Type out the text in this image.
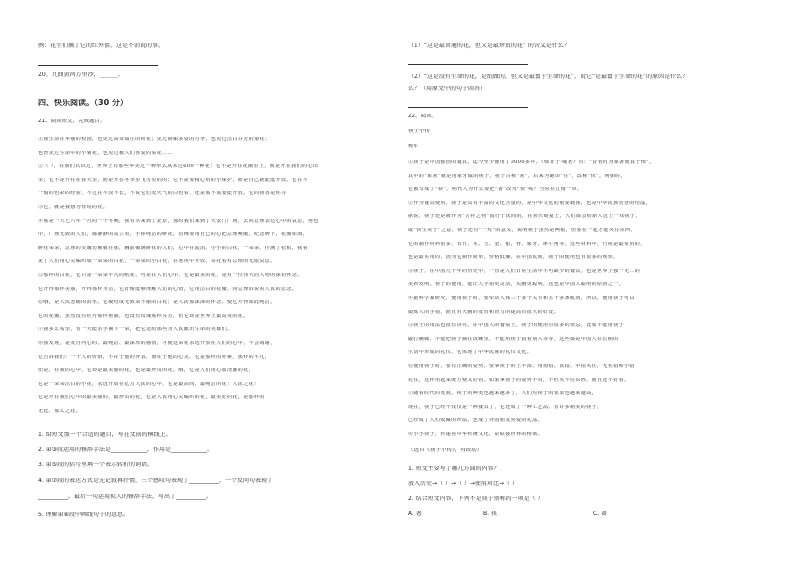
例：花生们摘了它的红外套，这是不消说的事。
20、九曲黄河万里沙，______。
四、快乐阅读。（30 分）
21、阅读短文，完成题目。
①我生活在华丽的校园，也见过高贵端庄的荷花；见过娇媚多姿的月季，也见过洁白芬芳的菊花；
也曾见过生命中的小菊花，也见过被人们喜爱的菜花……
②（ ），在我们认识过，世界上有那些华美过一种形式从未过600一种花：它不是开在花圃里上，而是开在我们的心田
里；它不是开在在春天里，而是开在冬季里飞雪里的的；它不需要精心用的小保护，而是自己就能能开放。它在不
一般的色彩的经验，不过在平淡不长，不说它们发火气的白色着，还是那不需要能开放。它的荷香是你寻
③它，就是我想为你说的花。
④那是一九七六年一月的一个冬晚，我有幸来到了北京，那时我们来到了天安门广场，去向总理表达心中的哀思，再也
中，广场无数的人们，都静静的站立着，手捧纯洁的鲜花，仿佛要用自己的心把总理唤醒。纪念碑下，花圈如海，
鲜花朵朵，总理的灵魂仿佛就在那，胸前插满鲜花的人们，心中在流泪。小小的白花，一朵朵，挂满了松柏，我看
见了人们用心灵编织成一朵朵的白花，一朵朵的小白花，在寒风中开放，寄托着对总理的无限哀思。
⑤那样的白花，它只是一朵朵平凡的纸花，可是在人们心中，它是最美的花，是对一位伟大的人物的深切怀念，
它开得那样美丽，开得那样圣洁，它好像能够理解人们的心情，它用洁白的花瓣，向总理诉说着人民的思念。
⑥哦，是人民悲痛的泪水，它凝结成无数朵不谢的白花；是人民那深深的怀念，使它开得如此纯洁。
它的花瓣，虽然没有牡丹那样艳丽，也没有玫瑰那样芬芳，但它却是世界上最高贵的花。
⑦我多么希望，有一天能亲手摘下一朵，把它送给那些为人民献出生命的英雄们。
⑧我发现，是发自内心的、最纯洁、最深厚的感情，才使这朵花永远开放在人们的心中，不会凋谢，
它告诉我们：一个人的价值，不在于他的外表，而在于他的心灵。它是那样的朴素，那样的平凡，
但是，在我的心中，它却是最美丽的花，也是最珍贵的花。哦，它是人们用心血浇灌的花，
它是一朵朵洁白的小花，永远开放在亿万人民的心中，它是最高尚、最纯洁的花！人民之花！
它是开在我们心中的最美丽的、最珍贵的花，它是人民用心灵编织的花，最美好的花，是那样的
无比，那么之花。
1. 给短文加一个合适的题目，写在文前的横线上。
2. 第③段运用的修辞手法是____________，作用是____________。
3. 第⑤段的括号里填一个表示转折的词语。
4. 第⑦段的表达方式是先记叙再抒情，三个感叹句表现了__________，一个反问句表现了
__________。最后一句运用拟人的修辞手法，写出了__________。
5. 理解第⑧段中画线句子的意思。
（1）“这是最普通的花，但又是最珍贵的花” 的含义是什么？
（2）“这是没有生命的花，是纸做的，但又是最富于生命的花”，说它“是最富于生命的花”的原因是什么？
么？（用原文中的句子回答）
22、阅读。
筷子小传
杨军
①筷子是中国独创的餐具，迄今至少使用了3000多年。《韩非子·喻老》有：“昔者纣为象箸而箕子怖”。
其中的“象箸”就是用象牙做的筷子。筷子古称“箸”，后来为避讳“住”，改称“快”。明朝时，
它被写成了“筷”。明代人为什么要把“箸”改为“快”呢？当时在江南一带，
②作为餐具使用，筷子是具有丰富的文化含量的，是中华文化的重要载体，也是中华民族智慧的结晶，
据说，筷子还是被作为“吉祥之物”流行于民间的，在喜庆婚宴上，人们都会给新人送上一双筷子，
取“快生贵子”之意。筷子还有“一对”的意义，说明筷子虽然是两根，但要在一起才能夹住东西，
它的制作材料很多，有竹、木、玉、金、银、骨、象牙、犀牛角等。这些材料中，竹筷是最常用的，
也是最实用的，因为它制作简单，价格低廉，在中国民间，筷子的使用也有很多的规矩。
③筷子，在中国几千年的历史中，一直是人们日常生活中不可缺少的餐具，也是世界上独一无二的
美妙发明。筷子的使用，能让人手指更灵活，头脑更聪明，这也是中国人聪明的原因之一。
④据科学家研究，使用筷子时，要牵动人体三十多个关节和五十多条肌肉，所以，使用筷子可以
锻炼人的手指，而且对大脑的发育和智力的提高有很大的好处。
⑤筷子的用法也很有讲究。在中国人的餐桌上，筷子的使用有很多的禁忌，比如不能用筷子
敲打碗碟，不能把筷子插在饭碗里，不能用筷子指着别人等等。这些都是中国人在长期的
生活中形成的礼仪，它体现了中华民族的礼仪文化。
⑥使用筷子时，要有正确的姿势。要拿筷子的上半部，用拇指、食指、中指夹住，无名指和小指
托住，这样用起来既方便又好看。如果拿筷子的姿势不对，不但夹不住东西，而且还不好看。
⑦随着时代的发展，筷子的种类也越来越多了，人们对筷子的要求也越来越高，
现在，筷子已经不仅仅是一种餐具了，它还成了一种工艺品。有许多精美的筷子，
已经成了人们收藏的珍品，也成了外国朋友喜爱的礼品。
⑧小小筷子，传递着中华传统文化，是联接世界的桥梁。
（选自《筷子小传》，有改动）
1. 短文主要写了哪几方面的内容？
放入历史→（ ）→（ ）→使用对比→（ ）
2. 结合短文内容，下列不是筷子别称的一项是（ ）
A. 箸	B. 筷	C. 著
